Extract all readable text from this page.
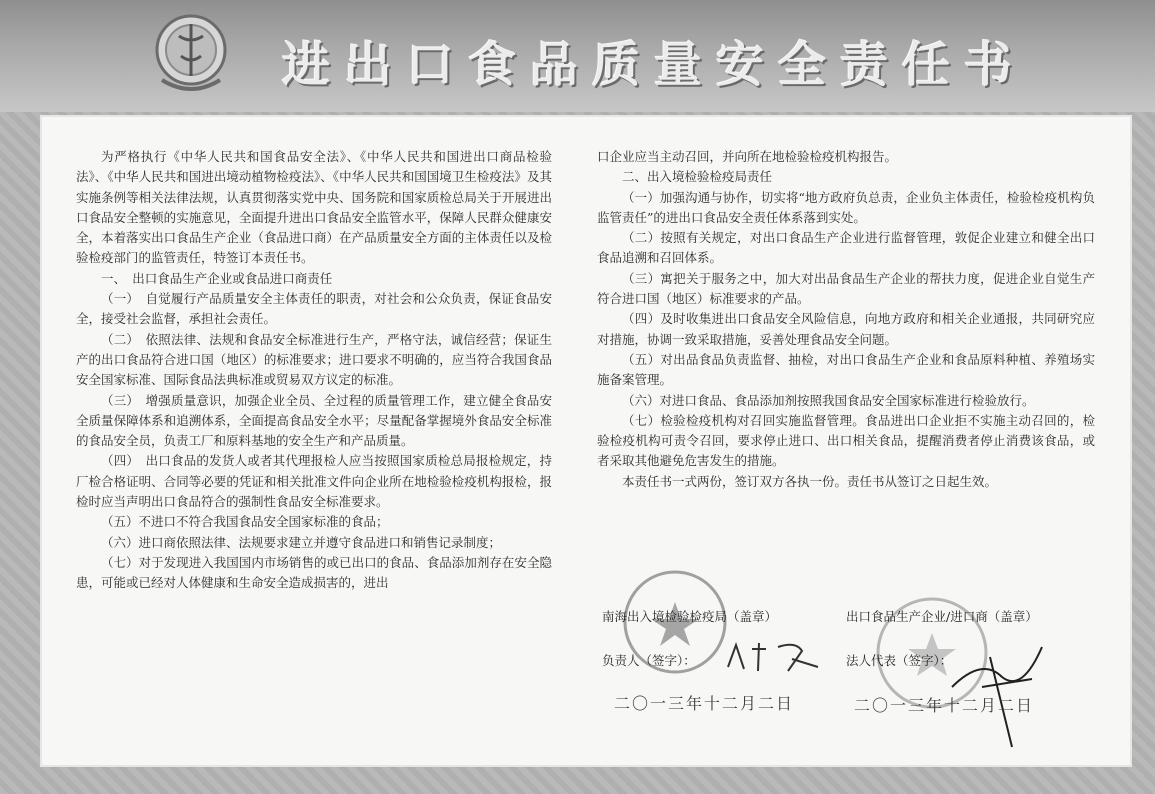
进出口食品质量安全责任书

为严格执行《中华人民共和国食品安全法》、《中华人民共和国进出口商品检验法》、《中华人民共和国进出境动植物检疫法》、《中华人民共和国国境卫生检疫法》及其实施条例等相关法律法规，认真贯彻落实党中央、国务院和国家质检总局关于开展进出口食品安全整顿的实施意见，全面提升进出口食品安全监管水平，保障人民群众健康安全，本着落实出口食品生产企业（食品进口商）在产品质量安全方面的主体责任以及检验检疫部门的监管责任，特签订本责任书。

一、　出口食品生产企业或食品进口商责任

（一）　自觉履行产品质量安全主体责任的职责，对社会和公众负责，保证食品安全，接受社会监督，承担社会责任。

（二）　依照法律、法规和食品安全标准进行生产，严格守法，诚信经营；保证生产的出口食品符合进口国（地区）的标准要求；进口要求不明确的，应当符合我国食品安全国家标准、国际食品法典标准或贸易双方议定的标准。

（三）　增强质量意识，加强企业全员、全过程的质量管理工作，建立健全食品安全质量保障体系和追溯体系，全面提高食品安全水平；尽量配备掌握境外食品安全标准的食品安全员，负责工厂和原料基地的安全生产和产品质量。

（四）　出口食品的发货人或者其代理报检人应当按照国家质检总局报检规定，持厂检合格证明、合同等必要的凭证和相关批准文件向企业所在地检验检疫机构报检，报检时应当声明出口食品符合的强制性食品安全标准要求。

（五）不进口不符合我国食品安全国家标准的食品；

（六）进口商依照法律、法规要求建立并遵守食品进口和销售记录制度；

（七）对于发现进入我国国内市场销售的或已出口的食品、食品添加剂存在安全隐患，可能或已经对人体健康和生命安全造成损害的，进出

口企业应当主动召回，并向所在地检验检疫机构报告。

二、出入境检验检疫局责任

（一）加强沟通与协作，切实将“地方政府负总责，企业负主体责任，检验检疫机构负监管责任”的进出口食品安全责任体系落到实处。

（二）按照有关规定，对出口食品生产企业进行监督管理，敦促企业建立和健全出口食品追溯和召回体系。

（三）寓把关于服务之中，加大对出品食品生产企业的帮扶力度，促进企业自觉生产符合进口国（地区）标准要求的产品。

（四）及时收集进出口食品安全风险信息，向地方政府和相关企业通报，共同研究应对措施，协调一致采取措施，妥善处理食品安全问题。

（五）对出品食品负责监督、抽检，对出口食品生产企业和食品原料种植、养殖场实施备案管理。

（六）对进口食品、食品添加剂按照我国食品安全国家标准进行检验放行。

（七）检验检疫机构对召回实施监督管理。食品进出口企业拒不实施主动召回的，检验检疫机构可责令召回，要求停止进口、出口相关食品，提醒消费者停止消费该食品，或者采取其他避免危害发生的措施。

本责任书一式两份，签订双方各执一份。责任书从签订之日起生效。

南海出入境检验检疫局（盖章）
负责人（签字）：
二〇一三年十二月二日
出口食品生产企业/进口商（盖章）
法人代表（签字）：
二〇一三年十二月二日
